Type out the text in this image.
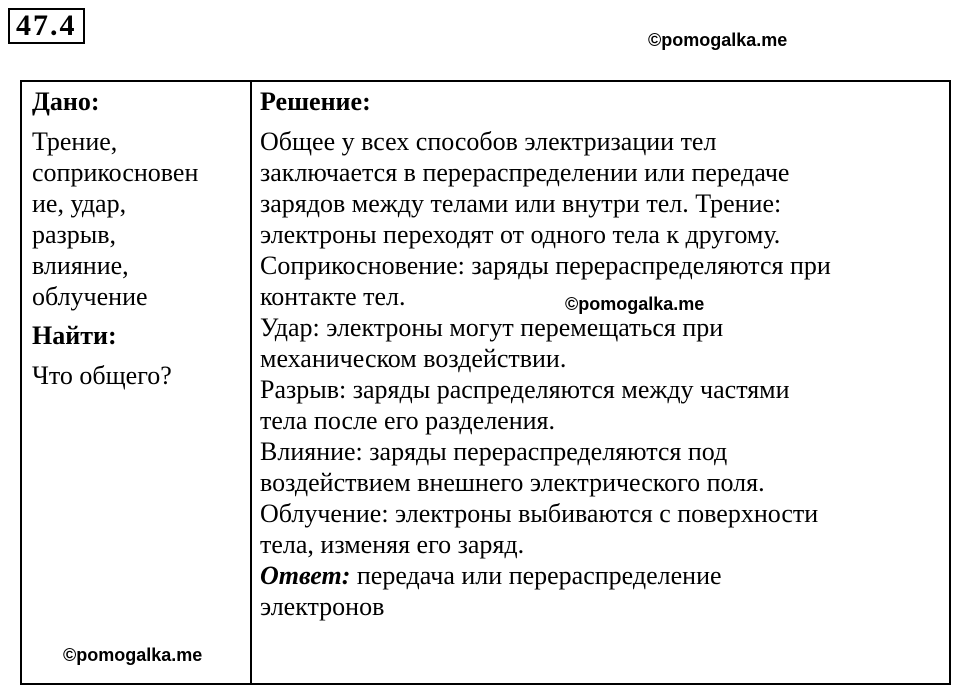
47.4	©pomogalka.me
Дано:
Трение,
соприкосновен
ие, удар,
разрыв,
влияние,
облучение
Найти:
Что общего?
Решение:
Общее у всех способов электризации тел
заключается в перераспределении или передаче
зарядов между телами или внутри тел. Трение:
электроны переходят от одного тела к другому.
Соприкосновение: заряды перераспределяются при
контакте тел.
Удар: электроны могут перемещаться при
механическом воздействии.
Разрыв: заряды распределяются между частями
тела после его разделения.
Влияние: заряды перераспределяются под
воздействием внешнего электрического поля.
Облучение: электроны выбиваются с поверхности
тела, изменяя его заряд.
Ответ: передача или перераспределение
электронов
©pomogalka.me
©pomogalka.me
